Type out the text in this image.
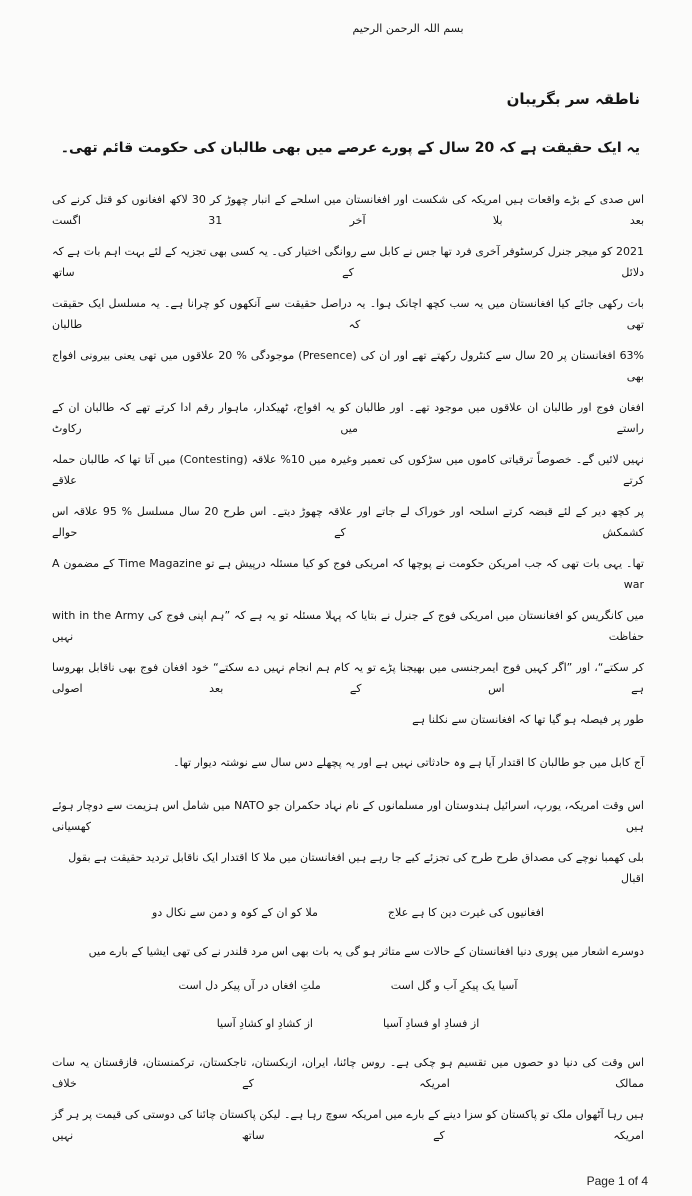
بسم اللہ الرحمن الرحیم
ناطقہ سر بگریبان
یہ ایک حقیقت ہے کہ 20 سال کے پورے عرصے میں بھی طالبان کی حکومت قائم تھی۔
اس صدی کے بڑے واقعات ہیں امریکہ کی شکست اور افغانستان میں اسلحے کے انبار چھوڑ کر 30 لاکھ افغانوں کو قتل کرنے کی بعد بلا آخر 31 اگست
2021 کو میجر جنرل کرسٹوفر آخری فرد تھا جس نے کابل سے روانگی اختیار کی۔ یہ کسی بھی تجزیہ کے لئے بہت اہم بات ہے کہ دلائل کے ساتھ
بات رکھی جائے کیا افغانستان میں یہ سب کچھ اچانک ہوا۔ یہ دراصل حقیقت سے آنکھوں کو چرانا ہے۔ یہ مسلسل ایک حقیقت تھی کہ طالبان
63% افغانستان پر 20 سال سے کنٹرول رکھتے تھے اور ان کی (Presence) موجودگی % 20 علاقوں میں تھی یعنی بیرونی افواج بھی
افغان فوج اور طالبان ان علاقوں میں موجود تھے۔ اور طالبان کو یہ افواج، ٹھیکدار، ماہوار رقم ادا کرتے تھے کہ طالبان ان کے راستے میں رکاوٹ
نہیں لائیں گے۔ خصوصاً ترقیاتی کاموں میں سڑکوں کی تعمیر وغیرہ میں 10% علاقہ (Contesting) میں آتا تھا کہ طالبان حملہ کرتے علاقے
پر کچھ دیر کے لئے قبضہ کرتے اسلحہ اور خوراک لے جاتے اور علاقہ چھوڑ دیتے۔ اس طرح 20 سال مسلسل % 95 علاقہ اس کشمکش کے حوالے
تھا۔ یہی بات تھی کہ جب امریکن حکومت نے پوچھا کہ امریکی فوج کو کیا مسئلہ درپیش ہے تو Time Magazine کے مضمون A war
with in the Army میں کانگریس کو افغانستان میں امریکی فوج کے جنرل نے بتایا کہ پہلا مسئلہ تو یہ ہے کہ ”ہم اپنی فوج کی حفاظت نہیں
کر سکتے“، اور ”اگر کہیں فوج ایمرجنسی میں بھیجنا پڑے تو یہ کام ہم انجام نہیں دے سکتے“ خود افغان فوج بھی ناقابل بھروسا ہے اس کے بعد اصولی
طور پر فیصلہ ہو گیا تھا کہ افغانستان سے نکلنا ہے
آج کابل میں جو طالبان کا اقتدار آیا ہے وہ حادثاتی نہیں ہے اور یہ پچھلے دس سال سے نوشتہ دیوار تھا۔
اس وقت امریکہ، یورپ، اسرائیل ہندوستان اور مسلمانوں کے نام نہاد حکمران جو NATO میں شامل اس ہزیمت سے دوچار ہوئے ہیں کھسیانی
بلی کھمبا نوچے کی مصداق طرح طرح کی تجزئے کیے جا رہے ہیں افغانستان میں ملا کا اقتدار ایک ناقابل تردید حقیقت ہے بقول اقبال
افغانیوں کی غیرت دین کا ہے علاج
ملا کو ان کے کوہ و دمن سے نکال دو
دوسرے اشعار میں پوری دنیا افغانستان کے حالات سے متاثر ہو گی یہ بات بھی اس مرد قلندر نے کی تھی ایشیا کے بارے میں
آسیا یک پیکرِ آب و گل است
ملتِ افغاں در آں پیکر دل است
از فسادِ او فسادِ آسیا
از کشادِ او کشادِ آسیا
اس وقت کی دنیا دو حصوں میں تقسیم ہو چکی ہے۔ روس چائنا، ایران، ازبکستان، تاجکستان، ترکمنستان، قازقستان یہ سات ممالک امریکہ کے خلاف
ہیں رہا آٹھواں ملک تو پاکستان کو سزا دینے کے بارے میں امریکہ سوچ رہا ہے۔ لیکن پاکستان چائنا کی دوستی کی قیمت پر ہر گز امریکہ کے ساتھ نہیں
Page 1 of 4
